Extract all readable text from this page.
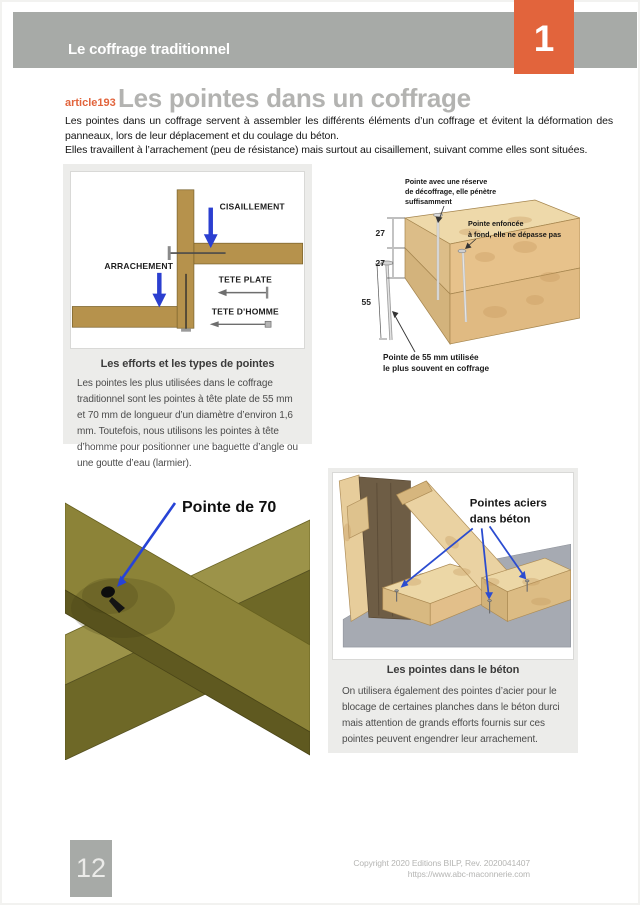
Le coffrage traditionnel	1
article193 Les pointes dans un coffrage

Les pointes dans un coffrage servent à assembler les différents éléments d’un coffrage et évitent la déformation des panneaux, lors de leur déplacement et du coulage du béton.

Elles travaillent à l’arrachement (peu de résistance) mais surtout au cisaillement, suivant comme elles sont situées.

CISAILLEMENT
ARRACHEMENT
TETE PLATE
TETE D'HOMME
Les efforts et les types de pointes
Les pointes les plus utilisées dans le coffrage traditionnel sont les pointes à tête plate de 55 mm et 70 mm de longueur d’un diamètre d’environ 1,6 mm. Toutefois, nous utilisons les pointes à tête d’homme pour positionner une baguette d’angle ou une goutte d’eau (larmier).
27
27
55
Pointe avec une réserve
de décoffrage, elle pénètre
suffisamment
Pointe enfoncée
à fond, elle ne dépasse pas
Pointe de 55 mm utilisée
le plus souvent en coffrage
Pointe de 70	Pointes aciers
dans béton
Les pointes dans le béton
On utilisera également des pointes d’acier pour le blocage de certaines planches dans le béton durci mais attention de grands efforts fournis sur ces pointes peuvent engendrer leur arrachement.
12	Copyright 2020 Editions BILP, Rev. 2020041407
https://www.abc-maconnerie.com
